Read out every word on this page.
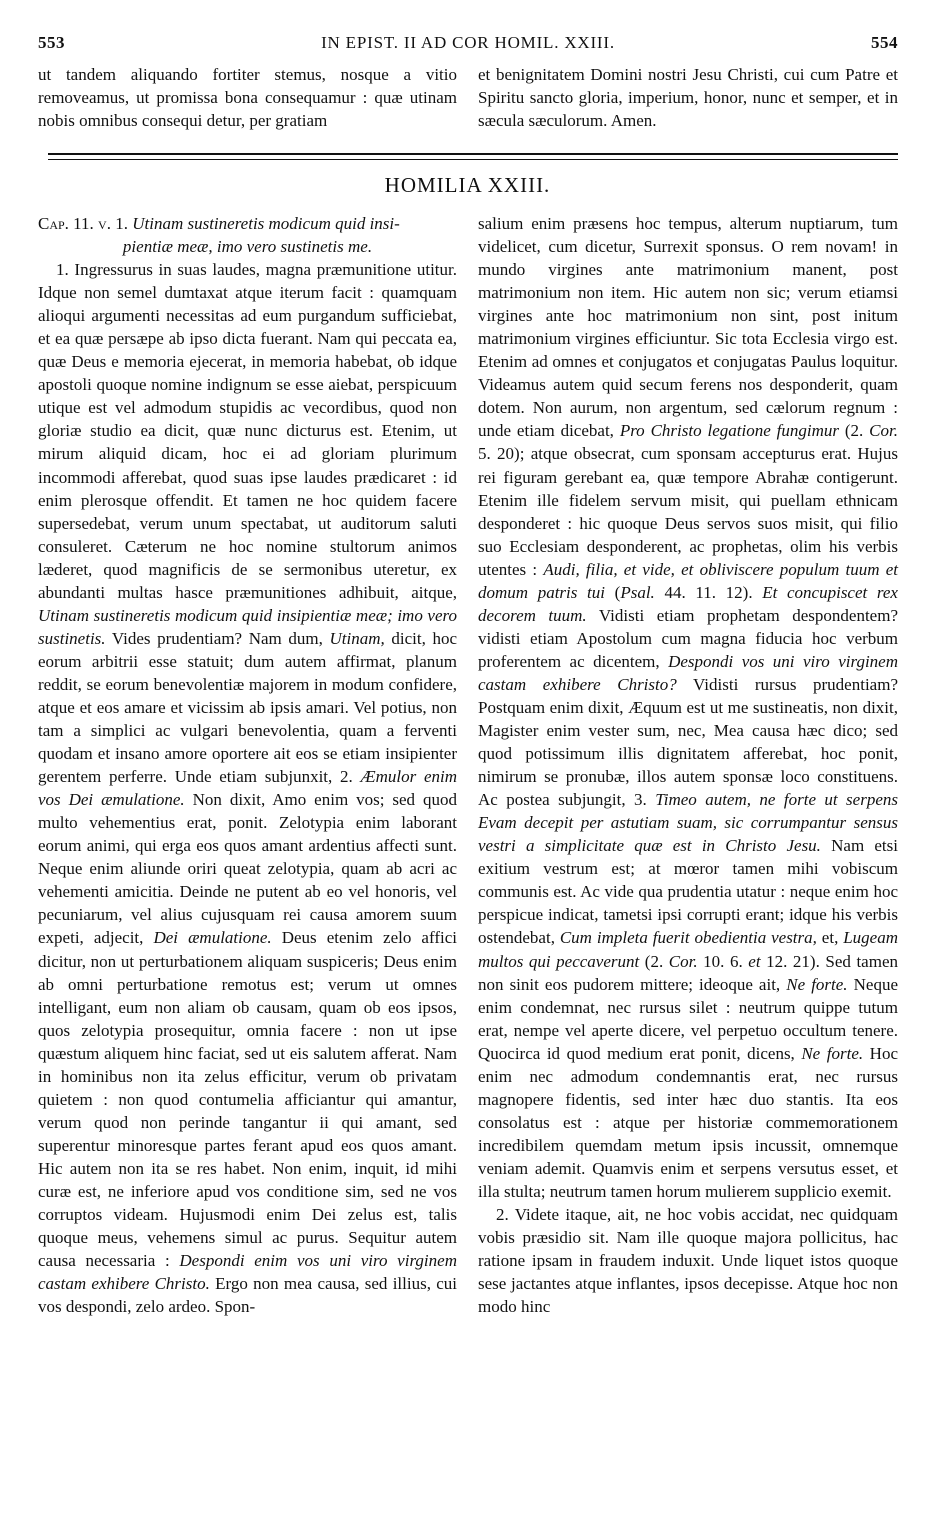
553	IN EPIST. II AD COR HOMIL. XXIII.	554

ut tandem aliquando fortiter stemus, nosque a vitio removeamus, ut promissa bona consequamur : quæ utinam nobis omnibus consequi detur, per gratiam

et benignitatem Domini nostri Jesu Christi, cui cum Patre et Spiritu sancto gloria, imperium, honor, nunc et semper, et in sæcula sæculorum. Amen.

HOMILIA XXIII.

Cap. 11. v. 1. Utinam sustineretis modicum quid insi-

pientiæ meæ, imo vero sustinetis me.

1. Ingressurus in suas laudes, magna præmunitione utitur. Idque non semel dumtaxat atque iterum facit : quamquam alioqui argumenti necessitas ad eum purgandum sufficiebat, et ea quæ persæpe ab ipso dicta fuerant. Nam qui peccata ea, quæ Deus e memoria ejecerat, in memoria habebat, ob idque apostoli quoque nomine indignum se esse aiebat, perspicuum utique est vel admodum stupidis ac vecordibus, quod non gloriæ studio ea dicit, quæ nunc dicturus est. Etenim, ut mirum aliquid dicam, hoc ei ad gloriam plurimum incommodi afferebat, quod suas ipse laudes prædicaret : id enim plerosque offendit. Et tamen ne hoc quidem facere supersedebat, verum unum spectabat, ut auditorum saluti consuleret. Cæterum ne hoc nomine stultorum animos læderet, quod magnificis de se sermonibus uteretur, ex abundanti multas hasce præmunitiones adhibuit, aitque, Utinam sustineretis modicum quid insipientiæ meæ; imo vero sustinetis. Vides prudentiam? Nam dum, Utinam, dicit, hoc eorum arbitrii esse statuit; dum autem affirmat, planum reddit, se eorum benevolentiæ majorem in modum confidere, atque et eos amare et vicissim ab ipsis amari. Vel potius, non tam a simplici ac vulgari benevolentia, quam a ferventi quodam et insano amore oportere ait eos se etiam insipienter gerentem perferre. Unde etiam subjunxit, 2. Æmulor enim vos Dei æmulatione. Non dixit, Amo enim vos; sed quod multo vehementius erat, ponit. Zelotypia enim laborant eorum animi, qui erga eos quos amant ardentius affecti sunt. Neque enim aliunde oriri queat zelotypia, quam ab acri ac vehementi amicitia. Deinde ne putent ab eo vel honoris, vel pecuniarum, vel alius cujusquam rei causa amorem suum expeti, adjecit, Dei æmulatione. Deus etenim zelo affici dicitur, non ut perturbationem aliquam suspiceris; Deus enim ab omni perturbatione remotus est; verum ut omnes intelligant, eum non aliam ob causam, quam ob eos ipsos, quos zelotypia prosequitur, omnia facere : non ut ipse quæstum aliquem hinc faciat, sed ut eis salutem afferat. Nam in hominibus non ita zelus efficitur, verum ob privatam quietem : non quod contumelia afficiantur qui amantur, verum quod non perinde tangantur ii qui amant, sed superentur minoresque partes ferant apud eos quos amant. Hic autem non ita se res habet. Non enim, inquit, id mihi curæ est, ne inferiore apud vos conditione sim, sed ne vos corruptos videam. Hujusmodi enim Dei zelus est, talis quoque meus, vehemens simul ac purus. Sequitur autem causa necessaria : Despondi enim vos uni viro virginem castam exhibere Christo. Ergo non mea causa, sed illius, cui vos despondi, zelo ardeo. Spon-

salium enim præsens hoc tempus, alterum nuptiarum, tum videlicet, cum dicetur, Surrexit sponsus. O rem novam! in mundo virgines ante matrimonium manent, post matrimonium non item. Hic autem non sic; verum etiamsi virgines ante hoc matrimonium non sint, post initum matrimonium virgines efficiuntur. Sic tota Ecclesia virgo est. Etenim ad omnes et conjugatos et conjugatas Paulus loquitur. Videamus autem quid secum ferens nos desponderit, quam dotem. Non aurum, non argentum, sed cælorum regnum : unde etiam dicebat, Pro Christo legatione fungimur (2. Cor. 5. 20); atque obsecrat, cum sponsam accepturus erat. Hujus rei figuram gerebant ea, quæ tempore Abrahæ contigerunt. Etenim ille fidelem servum misit, qui puellam ethnicam desponderet : hic quoque Deus servos suos misit, qui filio suo Ecclesiam desponderent, ac prophetas, olim his verbis utentes : Audi, filia, et vide, et obliviscere populum tuum et domum patris tui (Psal. 44. 11. 12). Et concupiscet rex decorem tuum. Vidisti etiam prophetam despondentem? vidisti etiam Apostolum cum magna fiducia hoc verbum proferentem ac dicentem, Despondi vos uni viro virginem castam exhibere Christo? Vidisti rursus prudentiam? Postquam enim dixit, Æquum est ut me sustineatis, non dixit, Magister enim vester sum, nec, Mea causa hæc dico; sed quod potissimum illis dignitatem afferebat, hoc ponit, nimirum se pronubæ, illos autem sponsæ loco constituens. Ac postea subjungit, 3. Timeo autem, ne forte ut serpens Evam decepit per astutiam suam, sic corrumpantur sensus vestri a simplicitate quæ est in Christo Jesu. Nam etsi exitium vestrum est; at mœror tamen mihi vobiscum communis est. Ac vide qua prudentia utatur : neque enim hoc perspicue indicat, tametsi ipsi corrupti erant; idque his verbis ostendebat, Cum impleta fuerit obedientia vestra, et, Lugeam multos qui peccaverunt (2. Cor. 10. 6. et 12. 21). Sed tamen non sinit eos pudorem mittere; ideoque ait, Ne forte. Neque enim condemnat, nec rursus silet : neutrum quippe tutum erat, nempe vel aperte dicere, vel perpetuo occultum tenere. Quocirca id quod medium erat ponit, dicens, Ne forte. Hoc enim nec admodum condemnantis erat, nec rursus magnopere fidentis, sed inter hæc duo stantis. Ita eos consolatus est : atque per historiæ commemorationem incredibilem quemdam metum ipsis incussit, omnemque veniam ademit. Quamvis enim et serpens versutus esset, et illa stulta; neutrum tamen horum mulierem supplicio exemit.

2. Videte itaque, ait, ne hoc vobis accidat, nec quidquam vobis præsidio sit. Nam ille quoque majora pollicitus, hac ratione ipsam in fraudem induxit. Unde liquet istos quoque sese jactantes atque inflantes, ipsos decepisse. Atque hoc non modo hinc
